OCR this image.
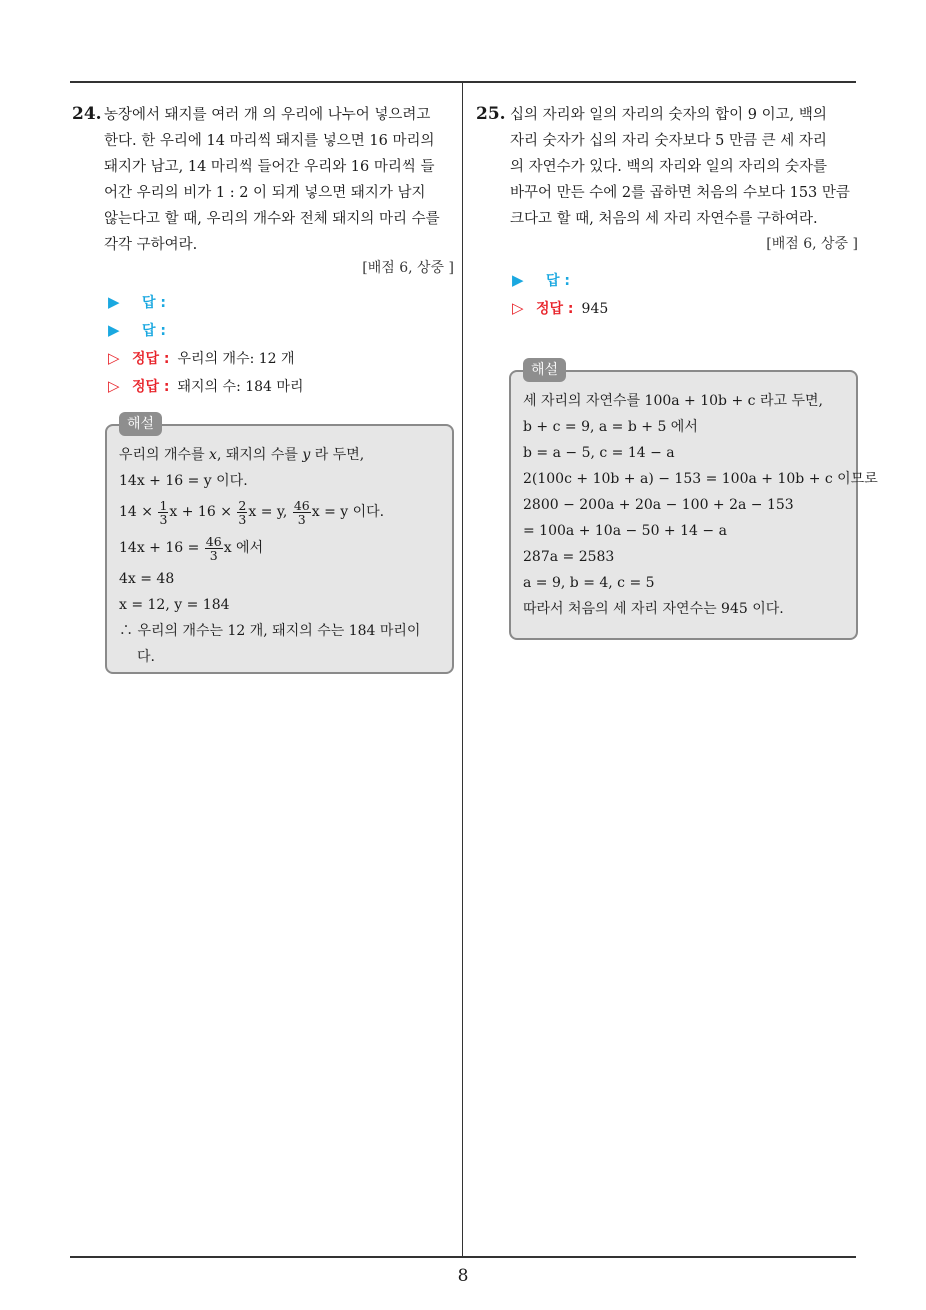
24. 농장에서 돼지를 여러 개 의 우리에 나누어 넣으려고

한다. 한 우리에 14 마리씩 돼지를 넣으면 16 마리의

돼지가 남고, 14 마리씩 들어간 우리와 16 마리씩 들

어간 우리의 비가 1 : 2 이 되게 넣으면 돼지가 남지

않는다고 할 때, 우리의 개수와 전체 돼지의 마리 수를

각각 구하여라.

[배점 6, 상중 ]
▶ 답 :
▶ 답 :
▷ 정답 : 우리의 개수: 12 개
▷ 정답 : 돼지의 수: 184 마리
해설
우리의 개수를 x, 돼지의 수를 y 라 두면,
14x + 16 = y 이다.
$14 \times \frac{1}{3}$ $x + 16 \times \frac{2}{3}$ x = y, $\frac{46}{3}$ x = y 이다.
$14x + 16 = \frac{46}{3}$ x 에서
4x = 48
x = 12, y = 184
∴ 우리의 개수는 12 개, 돼지의 수는 184 마리이
다.
25. 십의 자리와 일의 자리의 숫자의 합이 9 이고, 백의

자리 숫자가 십의 자리 숫자보다 5 만큼 큰 세 자리

의 자연수가 있다. 백의 자리와 일의 자리의 숫자를

바꾸어 만든 수에 2를 곱하면 처음의 수보다 153 만큼

크다고 할 때, 처음의 세 자리 자연수를 구하여라.

[배점 6, 상중 ]
▶ 답 :
▷ 정답 : 945
해설
세 자리의 자연수를 100a + 10b + c 라고 두면,
b + c = 9, a = b + 5 에서
b = a − 5, c = 14 − a
2(100c + 10b + a) − 153 = 100a + 10b + c 이므로
2800 − 200a + 20a − 100 + 2a − 153
= 100a + 10a − 50 + 14 − a
287a = 2583
a = 9, b = 4, c = 5
따라서 처음의 세 자리 자연수는 945 이다.
8
